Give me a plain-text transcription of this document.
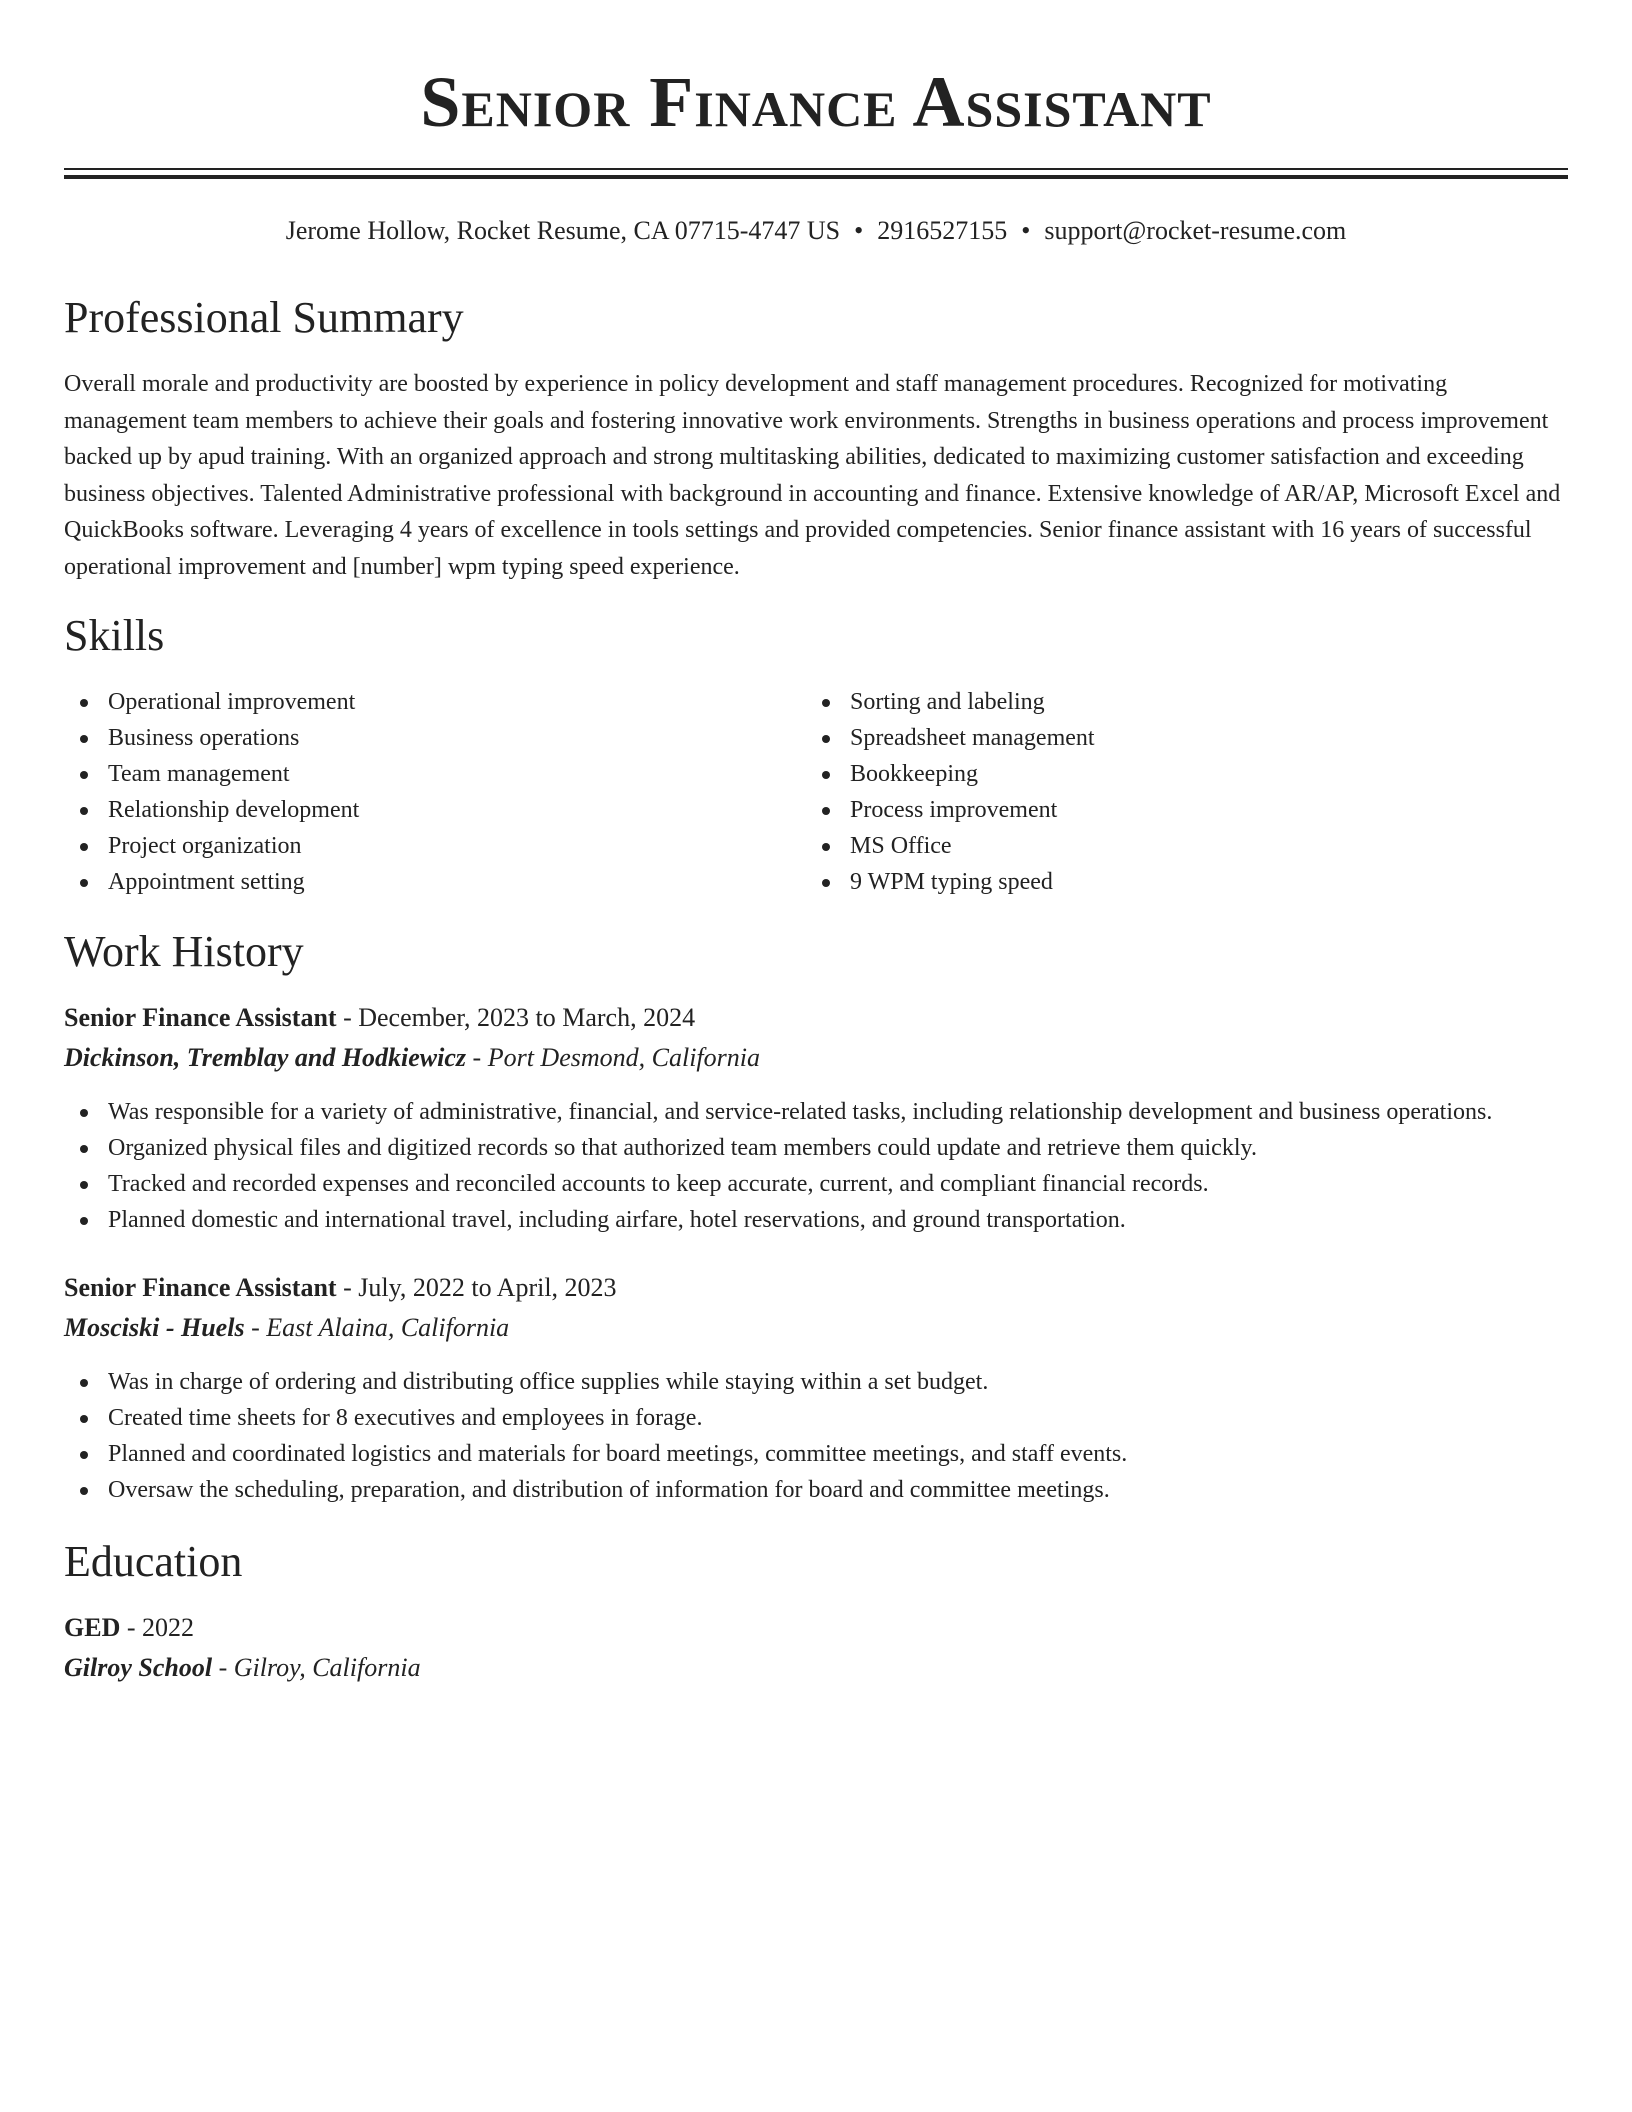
Senior Finance Assistant
Jerome Hollow, Rocket Resume, CA 07715-4747 US • 2916527155 • support@rocket-resume.com
Professional Summary

Overall morale and productivity are boosted by experience in policy development and staff management procedures. Recognized for motivating management team members to achieve their goals and fostering innovative work environments. Strengths in business operations and process improvement backed up by apud training. With an organized approach and strong multitasking abilities, dedicated to maximizing customer satisfaction and exceeding business objectives. Talented Administrative professional with background in accounting and finance. Extensive knowledge of AR/AP, Microsoft Excel and QuickBooks software. Leveraging 4 years of excellence in tools settings and provided competencies. Senior finance assistant with 16 years of successful operational improvement and [number] wpm typing speed experience.

Skills
Operational improvement
Business operations
Team management
Relationship development
Project organization
Appointment setting
Sorting and labeling
Spreadsheet management
Bookkeeping
Process improvement
MS Office
9 WPM typing speed
Work History

Senior Finance Assistant - December, 2023 to March, 2024

Dickinson, Tremblay and Hodkiewicz - Port Desmond, California

Was responsible for a variety of administrative, financial, and service-related tasks, including relationship development and business operations.
Organized physical files and digitized records so that authorized team members could update and retrieve them quickly.
Tracked and recorded expenses and reconciled accounts to keep accurate, current, and compliant financial records.
Planned domestic and international travel, including airfare, hotel reservations, and ground transportation.

Senior Finance Assistant - July, 2022 to April, 2023

Mosciski - Huels - East Alaina, California

Was in charge of ordering and distributing office supplies while staying within a set budget.
Created time sheets for 8 executives and employees in forage.
Planned and coordinated logistics and materials for board meetings, committee meetings, and staff events.
Oversaw the scheduling, preparation, and distribution of information for board and committee meetings.
Education

GED - 2022

Gilroy School - Gilroy, California
